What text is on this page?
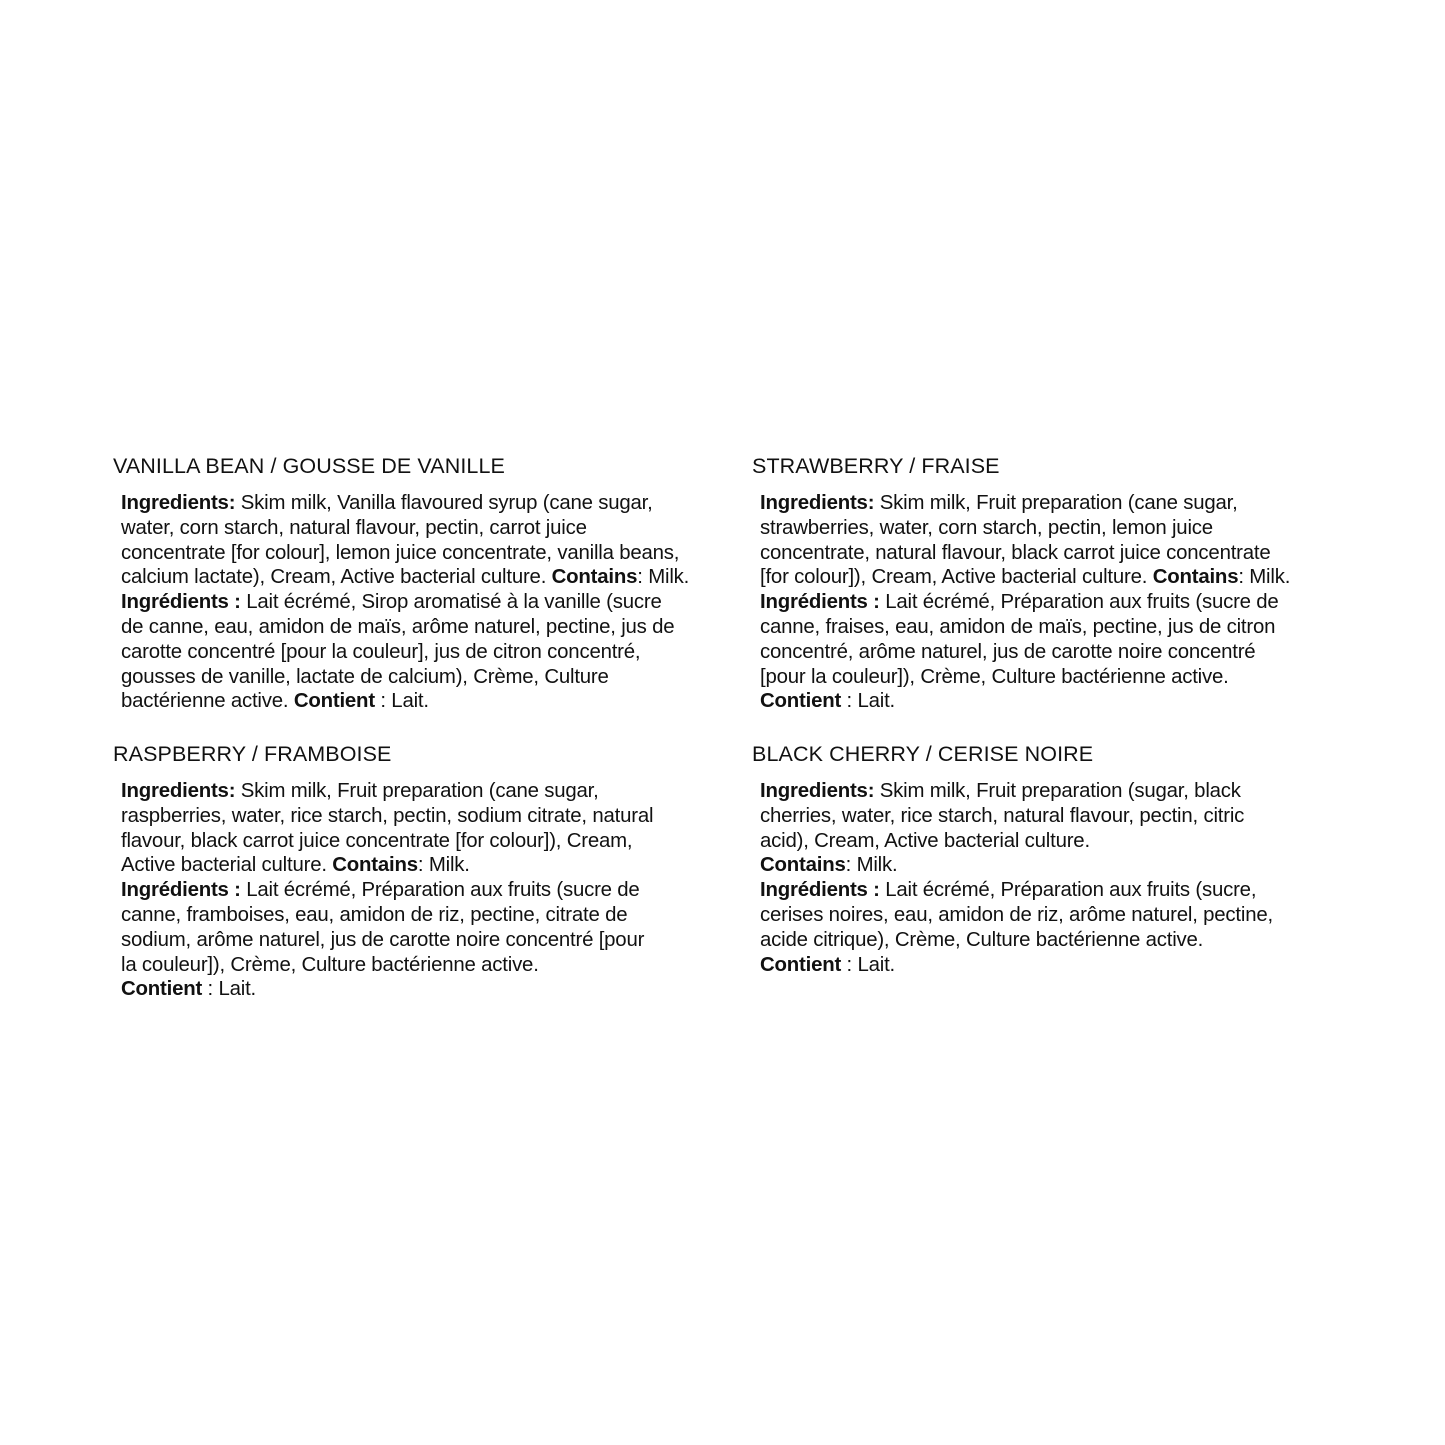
VANILLA BEAN / GOUSSE DE VANILLE
Ingredients: Skim milk, Vanilla flavoured syrup (cane sugar,
water, corn starch, natural flavour, pectin, carrot juice
concentrate [for colour], lemon juice concentrate, vanilla beans,
calcium lactate), Cream, Active bacterial culture. Contains: Milk.
Ingrédients : Lait écrémé, Sirop aromatisé à la vanille (sucre
de canne, eau, amidon de maïs, arôme naturel, pectine, jus de
carotte concentré [pour la couleur], jus de citron concentré,
gousses de vanille, lactate de calcium), Crème, Culture
bactérienne active. Contient : Lait.
STRAWBERRY / FRAISE
Ingredients: Skim milk, Fruit preparation (cane sugar,
strawberries, water, corn starch, pectin, lemon juice
concentrate, natural flavour, black carrot juice concentrate
[for colour]), Cream, Active bacterial culture. Contains: Milk.
Ingrédients : Lait écrémé, Préparation aux fruits (sucre de
canne, fraises, eau, amidon de maïs, pectine, jus de citron
concentré, arôme naturel, jus de carotte noire concentré
[pour la couleur]), Crème, Culture bactérienne active.
Contient : Lait.
RASPBERRY / FRAMBOISE
Ingredients: Skim milk, Fruit preparation (cane sugar,
raspberries, water, rice starch, pectin, sodium citrate, natural
flavour, black carrot juice concentrate [for colour]), Cream,
Active bacterial culture. Contains: Milk.
Ingrédients : Lait écrémé, Préparation aux fruits (sucre de
canne, framboises, eau, amidon de riz, pectine, citrate de
sodium, arôme naturel, jus de carotte noire concentré [pour
la couleur]), Crème, Culture bactérienne active.
Contient : Lait.
BLACK CHERRY / CERISE NOIRE
Ingredients: Skim milk, Fruit preparation (sugar, black
cherries, water, rice starch, natural flavour, pectin, citric
acid), Cream, Active bacterial culture.
Contains: Milk.
Ingrédients : Lait écrémé, Préparation aux fruits (sucre,
cerises noires, eau, amidon de riz, arôme naturel, pectine,
acide citrique), Crème, Culture bactérienne active.
Contient : Lait.
